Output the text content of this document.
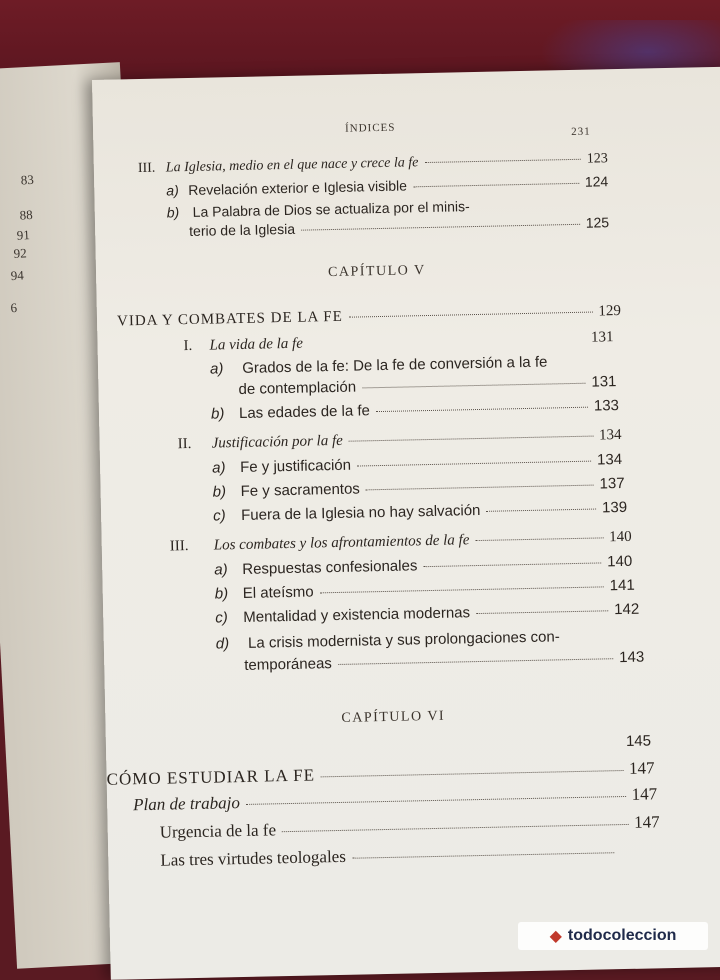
83
88
91
92
94
6
ÍNDICES	231
III. La Iglesia, medio en el que nace y crece la fe	123
a) Revelación exterior e Iglesia visible	124
b) La Palabra de Dios se actualiza por el minis-
terio de la Iglesia	125
CAPÍTULO V
VIDA Y COMBATES DE LA FE	129
I.	La vida de la fe	131
a) Grados de la fe: De la fe de conversión a la fe
de contemplación	131
b) Las edades de la fe	133
II.	Justificación por la fe	134
a) Fe y justificación	134
b) Fe y sacramentos	137
c)	Fuera de la Iglesia no hay salvación	139
III.	Los combates y los afrontamientos de la fe	140
a) Respuestas confesionales	140
b) El ateísmo	141
c)	Mentalidad y existencia modernas	142
d) La crisis modernista y sus prolongaciones con-
temporáneas	143
CAPÍTULO VI
145
CÓMO ESTUDIAR LA FE	147
Plan de trabajo	147
Urgencia de la fe	147
Las tres virtudes teologales
◆ todocoleccion
